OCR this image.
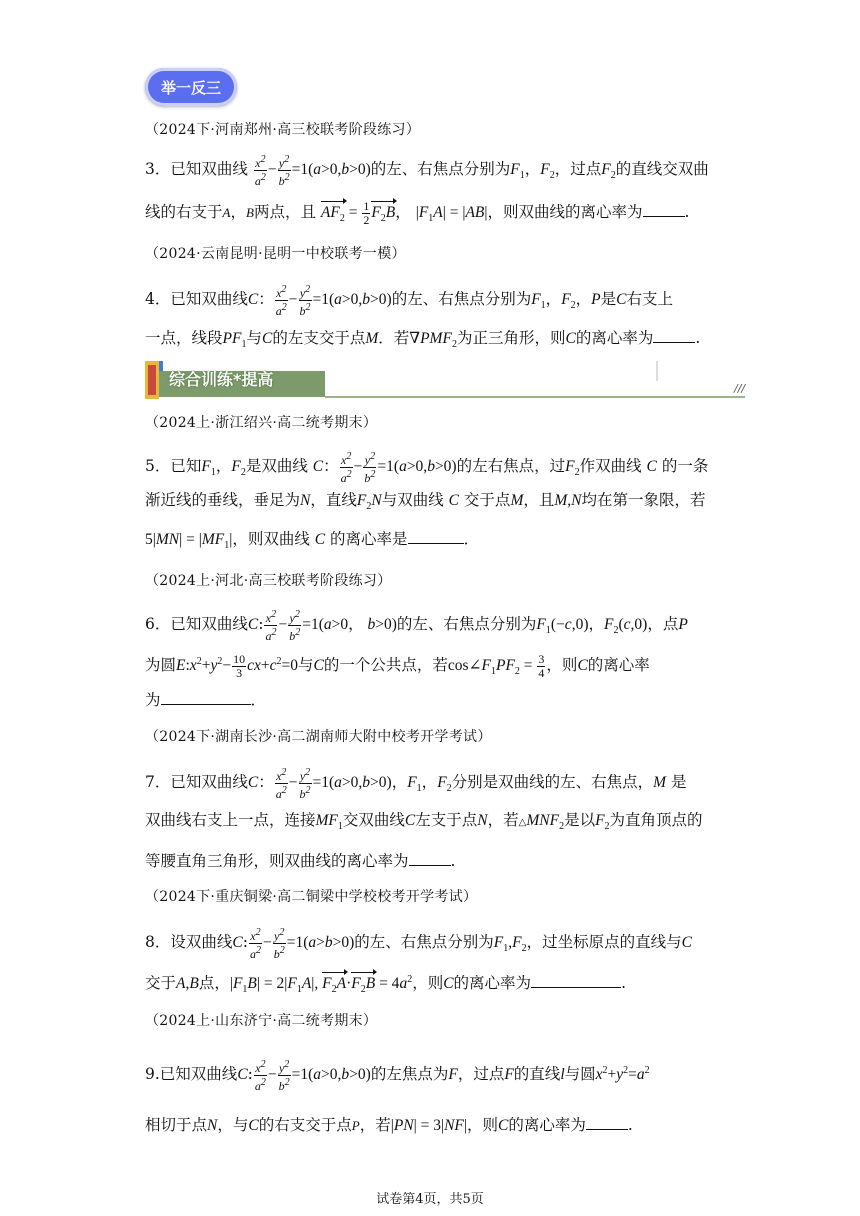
举一反三
（2024下·河南郑州·高三校联考阶段练习）
3．已知双曲线 $\frac{x^2}{a^2} - \frac{y^2}{b^2} =1(a>0,b>0)$的左、右焦点分别为$F_1$，$F_2$，过点$F_2$的直线交双曲
线的右支于A，B两点，且 $AF_2 = \frac{1}{2} F_2B$， $|F_1A| = |AB|$，则双曲线的离心率为	.
（2024·云南昆明·昆明一中校联考一模）
4．已知双曲线C： $\frac{x^2}{a^2} - \frac{y^2}{b^2} =1(a>0,b>0)$的左、右焦点分别为$F_1$，$F_2$，P是C右支上
一点，线段$PF_1$与C的左支交于点M．若$\nabla PMF_2$为正三角形，则C的离心率为	.
综合训练*提高	///
（2024上·浙江绍兴·高二统考期末）
5．已知$F_1$，$F_2$是双曲线 C： $\frac{x^2}{a^2} - \frac{y^2}{b^2} =1(a>0,b>0)$的左右焦点，过$F_2$作双曲线 C 的一条
渐近线的垂线，垂足为N，直线$F_2N$与双曲线 C 交于点M，且M,N均在第一象限，若
$5|MN| = |MF_1|$，则双曲线 C 的离心率是	．
（2024上·河北·高三校联考阶段练习）
6．已知双曲线C: $\frac{x^2}{a^2} - \frac{y^2}{b^2} =1(a>0$， b>0)的左、右焦点分别为$F_1(-c,0)$，$F_2(c,0)$，点P
为圆$E:x^2+y^2- \frac{10}{3} cx+c^2=0$与C的一个公共点，若$\cos\angle F_1PF_2 = \frac{3}{4}$ ，则C的离心率
为	．
（2024下·湖南长沙·高二湖南师大附中校考开学考试）
7．已知双曲线C： $\frac{x^2}{a^2} - \frac{y^2}{b^2} =1(a>0,b>0)$，$F_1$，$F_2$分别是双曲线的左、右焦点，M 是
双曲线右支上一点，连接$MF_1$交双曲线C左支于点N，若$\triangle MNF_2$是以$F_2$为直角顶点的
等腰直角三角形，则双曲线的离心率为	.
（2024下·重庆铜梁·高二铜梁中学校校考开学考试）
8．设双曲线C: $\frac{x^2}{a^2} - \frac{y^2}{b^2} =1(a>b>0)$的左、右焦点分别为$F_1,F_2$，过坐标原点的直线与C
交于A,B点，$|F_1B| = 2|F_1A|$, $F_2A\cdot F_2B = 4a^2$，则C的离心率为	.
（2024上·山东济宁·高二统考期末）
9.已知双曲线C: $\frac{x^2}{a^2} - \frac{y^2}{b^2} =1(a>0,b>0)$的左焦点为F，过点F的直线l与圆$x^2+y^2=a^2$
相切于点N，与C的右支交于点P，若|PN| = 3|NF|，则C的离心率为	.
试卷第4页，共5页
